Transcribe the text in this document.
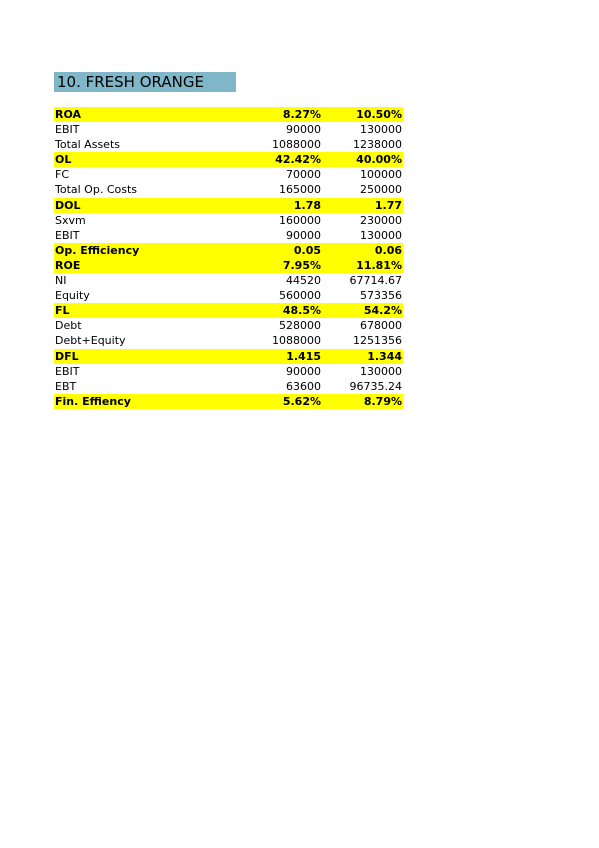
10. FRESH ORANGE
ROA	8.27%	10.50%
EBIT	90000	130000
Total Assets	1088000	1238000
OL	42.42%	40.00%
FC	70000	100000
Total Op. Costs	165000	250000
DOL	1.78	1.77
Sxvm	160000	230000
EBIT	90000	130000
Op. Efficiency	0.05	0.06
ROE	7.95%	11.81%
NI	44520	67714.67
Equity	560000	573356
FL	48.5%	54.2%
Debt	528000	678000
Debt+Equity	1088000	1251356
DFL	1.415	1.344
EBIT	90000	130000
EBT	63600	96735.24
Fin. Effiency	5.62%	8.79%
